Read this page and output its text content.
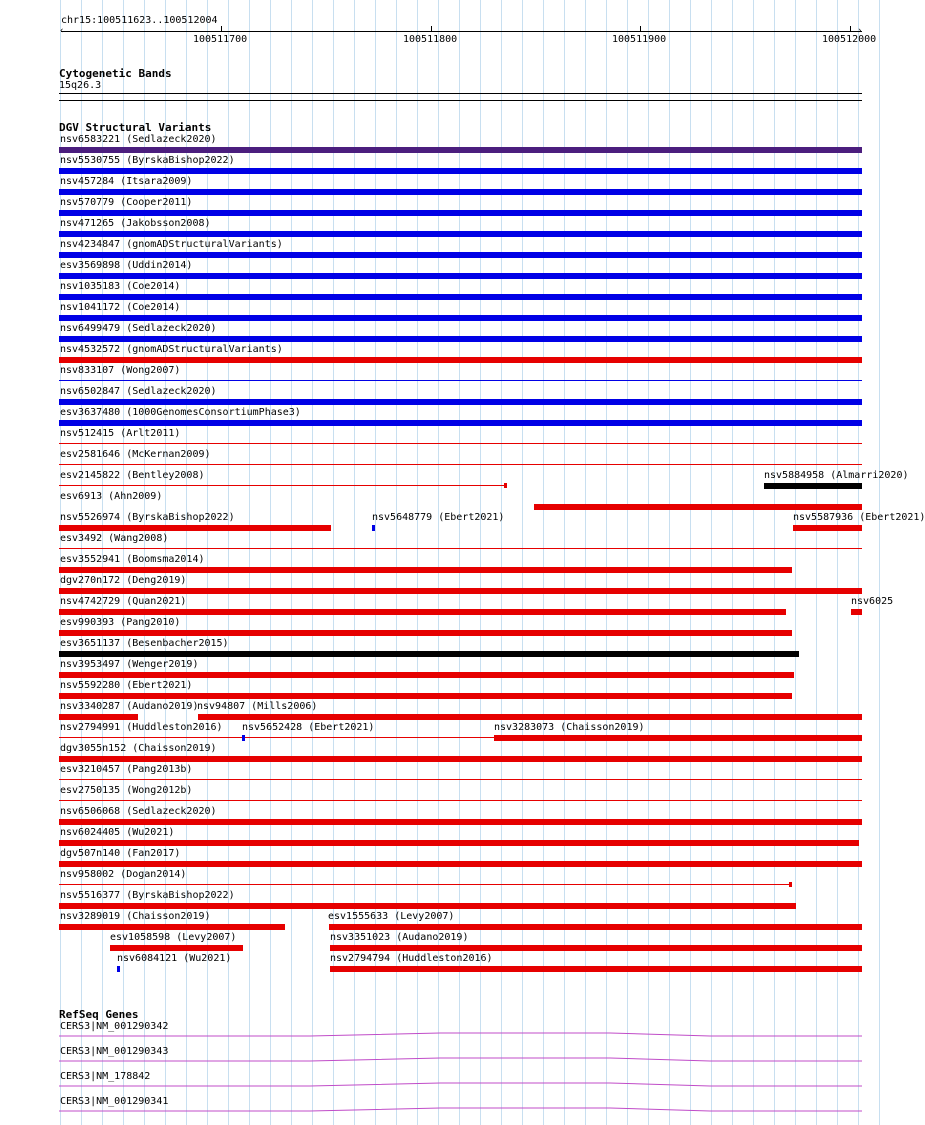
chr15:100511623..100512004
‹	›
100511700	100511800	100511900	100512000
Cytogenetic Bands
15q26.3
DGV Structural Variants
nsv6583221 (Sedlazeck2020)
nsv5530755 (ByrskaBishop2022)
nsv457284 (Itsara2009)
nsv570779 (Cooper2011)
nsv471265 (Jakobsson2008)
nsv4234847 (gnomADStructuralVariants)
esv3569898 (Uddin2014)
nsv1035183 (Coe2014)
nsv1041172 (Coe2014)
nsv6499479 (Sedlazeck2020)
nsv4532572 (gnomADStructuralVariants)
nsv833107 (Wong2007)
nsv6502847 (Sedlazeck2020)
esv3637480 (1000GenomesConsortiumPhase3)
nsv512415 (Arlt2011)
esv2581646 (McKernan2009)
esv2145822 (Bentley2008)	nsv5884958 (Almarri2020)
esv6913 (Ahn2009)
nsv5526974 (ByrskaBishop2022)	nsv5648779 (Ebert2021)	nsv5587936 (Ebert2021)
esv3492 (Wang2008)
esv3552941 (Boomsma2014)
dgv270n172 (Deng2019)
nsv4742729 (Quan2021)	nsv6025
esv990393 (Pang2010)
esv3651137 (Besenbacher2015)
nsv3953497 (Wenger2019)
nsv5592280 (Ebert2021)
nsv3340287 (Audano2019)
nsv94807 (Mills2006)
nsv2794991 (Huddleston2016) nsv5652428 (Ebert2021)	nsv3283073 (Chaisson2019)
dgv3055n152 (Chaisson2019)
esv3210457 (Pang2013b)
esv2750135 (Wong2012b)
nsv6506068 (Sedlazeck2020)
nsv6024405 (Wu2021)
dgv507n140 (Fan2017)
nsv958002 (Dogan2014)
nsv5516377 (ByrskaBishop2022)
nsv3289019 (Chaisson2019)	esv1555633 (Levy2007)
esv1058598 (Levy2007)	nsv3351023 (Audano2019)
nsv6084121 (Wu2021)	nsv2794794 (Huddleston2016)
RefSeq Genes
CERS3|NM_001290342
CERS3|NM_001290343
CERS3|NM_178842
CERS3|NM_001290341
